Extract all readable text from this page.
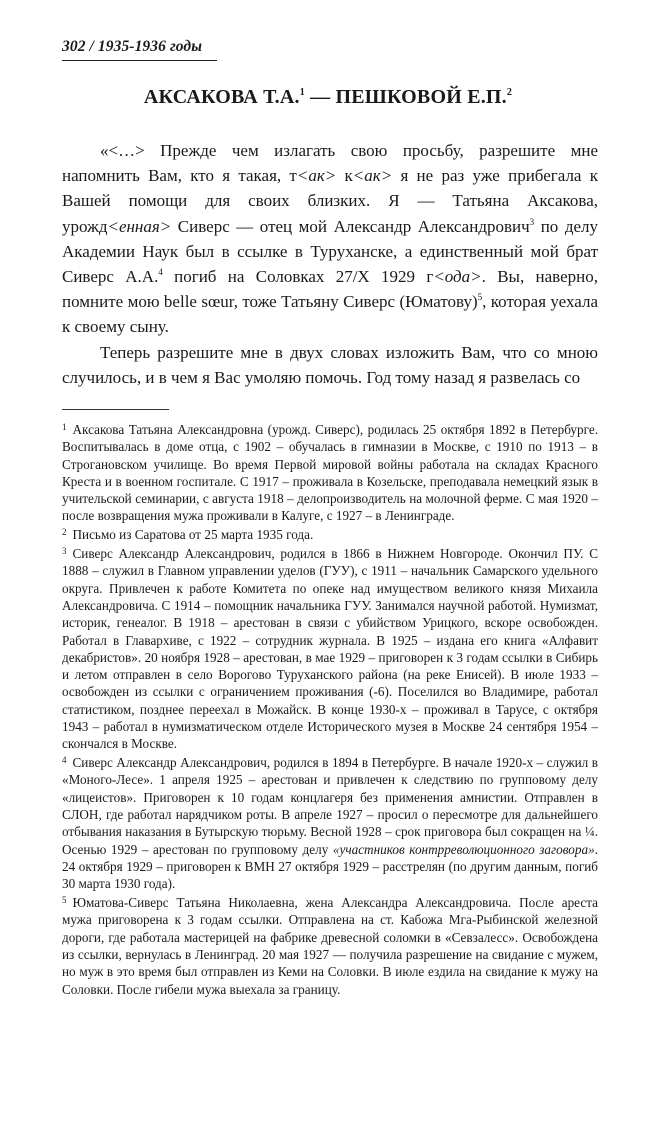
302 / 1935-1936 годы
АКСАКОВА Т.А.$^1$ — ПЕШКОВОЙ Е.П.$^2$

«<…> Прежде чем излагать свою просьбу, разрешите мне напомнить Вам, кто я такая, т<ак> к<ак> я не раз уже прибегала к Вашей помощи для своих близких. Я — Татьяна Аксакова, урожд<енная> Сиверс — отец мой Александр Александрович$^3$ по делу Академии Наук был в ссылке в Туруханске, а единственный мой брат Сиверс А.А.$^4$ погиб на Соловках 27/X 1929 г<ода>. Вы, наверно, помните мою belle sœur, тоже Татьяну Сиверс (Юматову)$^5$, которая уехала к своему сыну.

Теперь разрешите мне в двух словах изложить Вам, что со мною случилось, и в чем я Вас умоляю помочь. Год тому назад я развелась со

$^1$ Аксакова Татьяна Александровна (урожд. Сиверс), родилась 25 октября 1892 в Петербурге. Воспитывалась в доме отца, с 1902 – обучалась в гимназии в Москве, с 1910 по 1913 – в Строгановском училище. Во время Первой мировой войны работала на складах Красного Креста и в военном госпитале. С 1917 – проживала в Козельске, преподавала немецкий язык в учительской семинарии, с августа 1918 – делопроизводитель на молочной ферме. С мая 1920 – после возвращения мужа проживали в Калуге, с 1927 – в Ленинграде.

$^2$ Письмо из Саратова от 25 марта 1935 года.

$^3$ Сиверс Александр Александрович, родился в 1866 в Нижнем Новгороде. Окончил ПУ. С 1888 – служил в Главном управлении уделов (ГУУ), с 1911 – начальник Самарского удельного округа. Привлечен к работе Комитета по опеке над имуществом великого князя Михаила Александровича. С 1914 – помощник начальника ГУУ. Занимался научной работой. Нумизмат, историк, генеалог. В 1918 – арестован в связи с убийством Урицкого, вскоре освобожден. Работал в Главархиве, с 1922 – сотрудник журнала. В 1925 – издана его книга «Алфавит декабристов». 20 ноября 1928 – арестован, в мае 1929 – приговорен к 3 годам ссылки в Сибирь и летом отправлен в село Ворогово Туруханского района (на реке Енисей). В июле 1933 – освобожден из ссылки с ограничением проживания (-6). Поселился во Владимире, работал статистиком, позднее переехал в Можайск. В конце 1930-х – проживал в Тарусе, с октября 1943 – работал в нумизматическом отделе Исторического музея в Москве 24 сентября 1954 – скончался в Москве.

$^4$ Сиверс Александр Александрович, родился в 1894 в Петербурге. В начале 1920-х – служил в «Моного-Лесе». 1 апреля 1925 – арестован и привлечен к следствию по групповому делу «лицеистов». Приговорен к 10 годам концлагеря без применения амнистии. Отправлен в СЛОН, где работал нарядчиком роты. В апреле 1927 – просил о пересмотре для дальнейшего отбывания наказания в Бутырскую тюрьму. Весной 1928 – срок приговора был сокращен на ¼. Осенью 1929 – арестован по групповому делу «участников контрреволюционного заговора». 24 октября 1929 – приговорен к ВМН 27 октября 1929 – расстрелян (по другим данным, погиб 30 марта 1930 года).

$^5$ Юматова-Сиверс Татьяна Николаевна, жена Александра Александровича. После ареста мужа приговорена к 3 годам ссылки. Отправлена на ст. Кабожа Мга-Рыбинской железной дороги, где работала мастерицей на фабрике древесной соломки в «Севзалесс». Освобождена из ссылки, вернулась в Ленинград. 20 мая 1927 — получила разрешение на свидание с мужем, но муж в это время был отправлен из Кеми на Соловки. В июле ездила на свидание к мужу на Соловки. После гибели мужа выехала за границу.
